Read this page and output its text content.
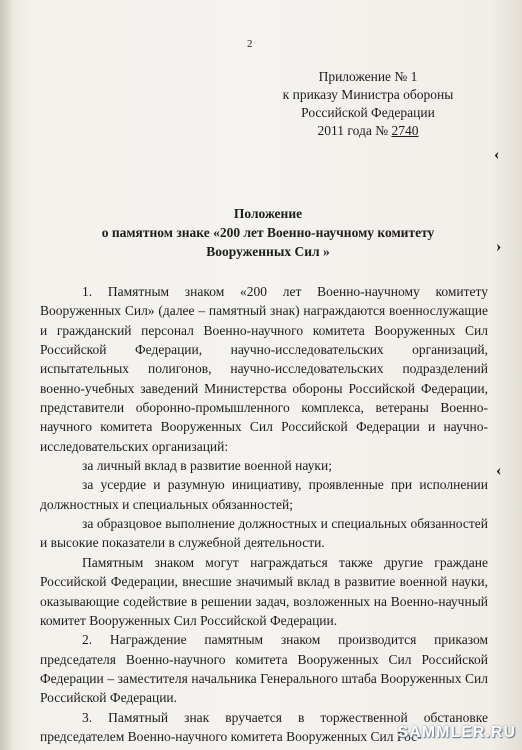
2
Приложение № 1
к приказу Министра обороны
Российской Федерации
2011 года № 2740
‹
›
‹
Положение
о памятном знаке «200 лет Военно-научному комитету
Вооруженных Сил »

1. Памятным знаком «200 лет Военно-научному комитету Вооруженных Сил» (далее – памятный знак) награждаются военнослужащие и гражданский персонал Военно-научного комитета Вооруженных Сил Российской Федерации, научно-исследовательских организаций, испытательных полигонов, научно-исследовательских подразделений военно-учебных заведений Министерства обороны Российской Федерации, представители оборонно-промышленного комплекса, ветераны Военно-научного комитета Вооруженных Сил Российской Федерации и научно-исследовательских организаций:

за личный вклад в развитие военной науки;

за усердие и разумную инициативу, проявленные при исполнении должностных и специальных обязанностей;

за образцовое выполнение должностных и специальных обязанностей и высокие показатели в служебной деятельности.

Памятным знаком могут награждаться также другие граждане Российской Федерации, внесшие значимый вклад в развитие военной науки, оказывающие содействие в решении задач, возложенных на Военно-научный комитет Вооруженных Сил Российской Федерации.

2. Награждение памятным знаком производится приказом председателя Военно-научного комитета Вооруженных Сил Российской Федерации – заместителя начальника Генерального штаба Вооруженных Сил Российской Федерации.

3. Памятный знак вручается в торжественной обстановке председателем Военно-научного комитета Вооруженных Сил Рос-

SAMMLER.RU
